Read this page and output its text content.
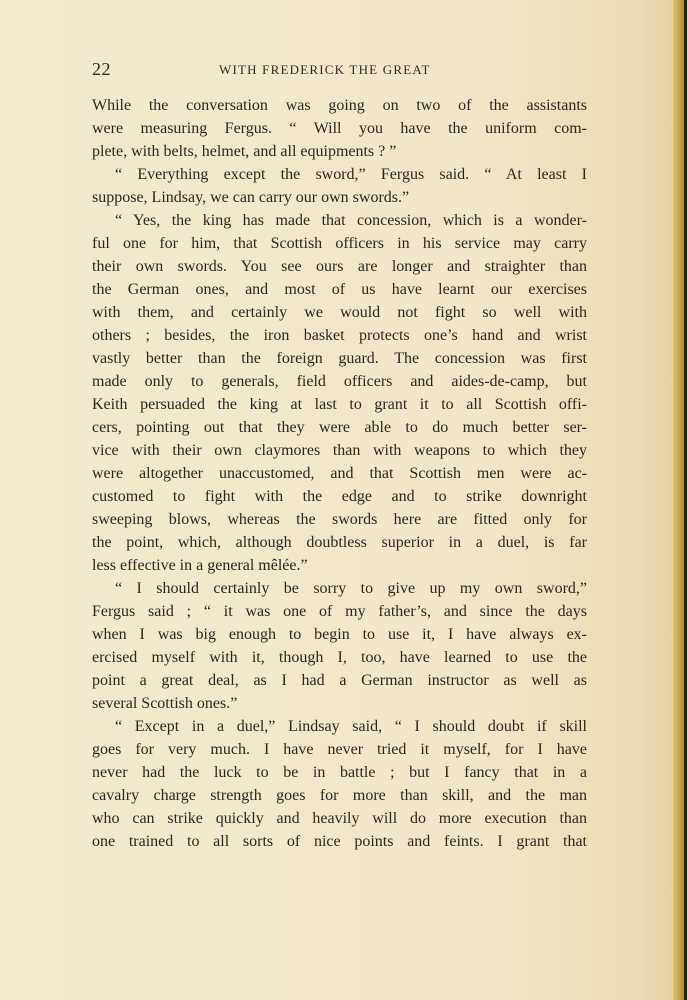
22	WITH FREDERICK THE GREAT
While the conversation was going on two of the assistants
were measuring Fergus. “ Will you have the uniform com-
plete, with belts, helmet, and all equipments ? ”
“ Everything except the sword,” Fergus said. “ At least I
suppose, Lindsay, we can carry our own swords.”
“ Yes, the king has made that concession, which is a wonder-
ful one for him, that Scottish officers in his service may carry
their own swords. You see ours are longer and straighter than
the German ones, and most of us have learnt our exercises
with them, and certainly we would not fight so well with
others ; besides, the iron basket protects one’s hand and wrist
vastly better than the foreign guard. The concession was first
made only to generals, field officers and aides-de-camp, but
Keith persuaded the king at last to grant it to all Scottish offi-
cers, pointing out that they were able to do much better ser-
vice with their own claymores than with weapons to which they
were altogether unaccustomed, and that Scottish men were ac-
customed to fight with the edge and to strike downright
sweeping blows, whereas the swords here are fitted only for
the point, which, although doubtless superior in a duel, is far
less effective in a general mêlée.”
“ I should certainly be sorry to give up my own sword,”
Fergus said ; “ it was one of my father’s, and since the days
when I was big enough to begin to use it, I have always ex-
ercised myself with it, though I, too, have learned to use the
point a great deal, as I had a German instructor as well as
several Scottish ones.”
“ Except in a duel,” Lindsay said, “ I should doubt if skill
goes for very much. I have never tried it myself, for I have
never had the luck to be in battle ; but I fancy that in a
cavalry charge strength goes for more than skill, and the man
who can strike quickly and heavily will do more execution than
one trained to all sorts of nice points and feints. I grant that
